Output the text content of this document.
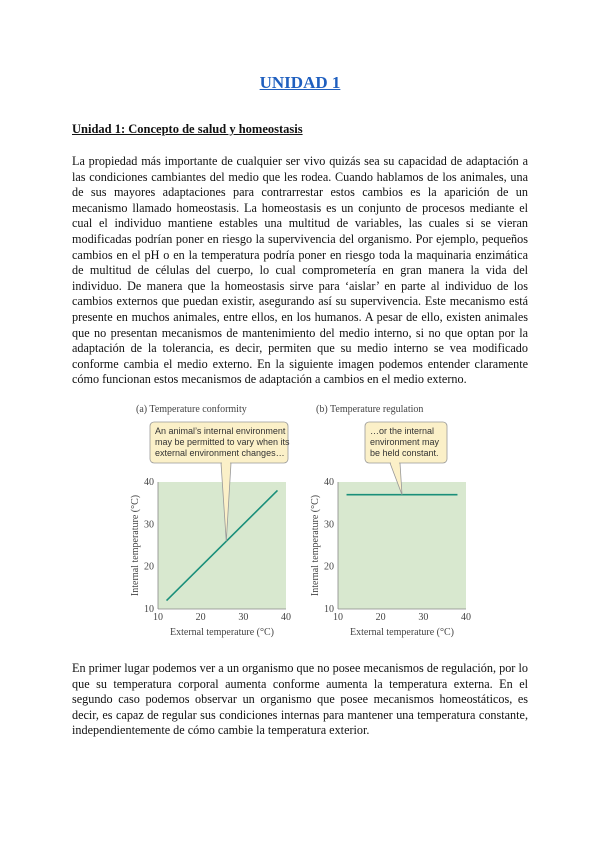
UNIDAD 1
Unidad 1: Concepto de salud y homeostasis
La propiedad más importante de cualquier ser vivo quizás sea su capacidad de adaptación a las condiciones cambiantes del medio que les rodea. Cuando hablamos de los animales, una de sus mayores adaptaciones para contrarrestar estos cambios es la aparición de un mecanismo llamado homeostasis. La homeostasis es un conjunto de procesos mediante el cual el individuo mantiene estables una multitud de variables, las cuales si se vieran modificadas podrían poner en riesgo la supervivencia del organismo. Por ejemplo, pequeños cambios en el pH o en la temperatura podría poner en riesgo toda la maquinaria enzimática de multitud de células del cuerpo, lo cual comprometería en gran manera la vida del individuo. De manera que la homeostasis sirve para ‘aislar’ en parte al individuo de los cambios externos que puedan existir, asegurando así su supervivencia. Este mecanismo está presente en muchos animales, entre ellos, en los humanos. A pesar de ello, existen animales que no presentan mecanismos de mantenimiento del medio interno, si no que optan por la adaptación de la tolerancia, es decir, permiten que su medio interno se vea modificado conforme cambia el medio externo. En la siguiente imagen podemos entender claramente cómo funcionan estos mecanismos de adaptación a cambios en el medio externo.
(a) Temperature conformity
10
20
30
40
10	20	30	40
External temperature (°C)
Internal temperature (°C)
An animal’s internal environment
may be permitted to vary when its
external environment changes…
(b) Temperature regulation
10
20
30
40
10	20	30	40
External temperature (°C)
Internal temperature (°C)
…or the internal
environment may
be held constant.
En primer lugar podemos ver a un organismo que no posee mecanismos de regulación, por lo que su temperatura corporal aumenta conforme aumenta la temperatura externa. En el segundo caso podemos observar un organismo que posee mecanismos homeostáticos, es decir, es capaz de regular sus condiciones internas para mantener una temperatura constante, independientemente de cómo cambie la temperatura exterior.
